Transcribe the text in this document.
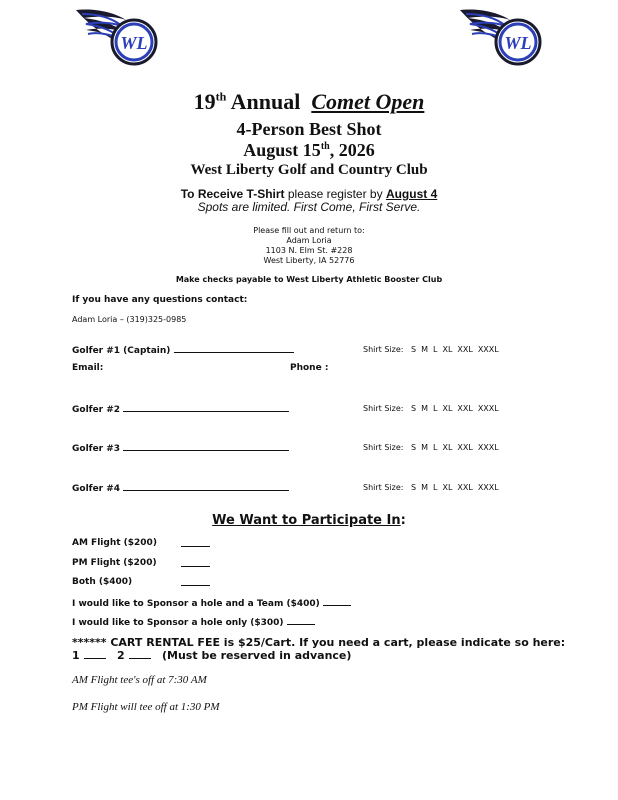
WL	WL
19th Annual Comet Open
4-Person Best Shot
August 15th, 2026
West Liberty Golf and Country Club
To Receive T-Shirt please register by August 4
Spots are limited. First Come, First Serve.
Please fill out and return to:
Adam Loria
1103 N. Elm St. #228
West Liberty, IA 52776
Make checks payable to West Liberty Athletic Booster Club
If you have any questions contact:
Adam Loria – (319)325-0985
Golfer #1 (Captain)	Shirt Size: S M L XL XXL XXXL
Email:	Phone :
Golfer #2	Shirt Size: S M L XL XXL XXXL
Golfer #3	Shirt Size: S M L XL XXL XXXL
Golfer #4	Shirt Size: S M L XL XXL XXXL
We Want to Participate In:
AM Flight ($200)
PM Flight ($200)
Both ($400)
I would like to Sponsor a hole and a Team ($400)
I would like to Sponsor a hole only ($300)
****** CART RENTAL FEE is $25/Cart. If you need a cart, please indicate so here:
1	2	(Must be reserved in advance)
AM Flight tee's off at 7:30 AM
PM Flight will tee off at 1:30 PM
